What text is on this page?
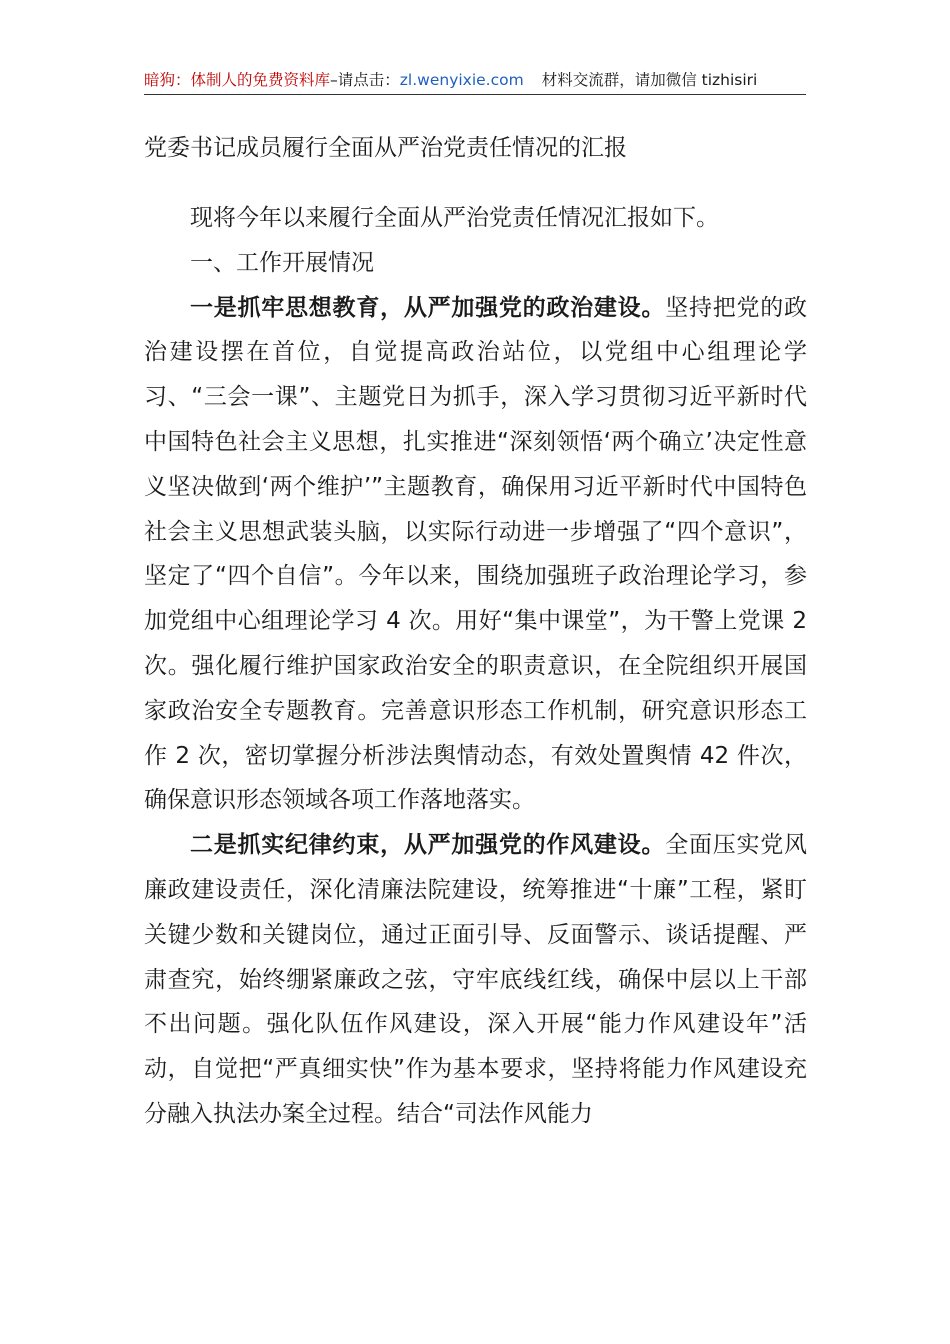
暗狗：体制人的免费资料库–请点击：zl.wenyixie.com 材料交流群，请加微信 tizhisiri
党委书记成员履行全面从严治党责任情况的汇报

现将今年以来履行全面从严治党责任情况汇报如下。

一、工作开展情况

一是抓牢思想教育，从严加强党的政治建设。坚持把党的政治建设摆在首位，自觉提高政治站位，以党组中心组理论学习、“三会一课”、主题党日为抓手，深入学习贯彻习近平新时代中国特色社会主义思想，扎实推进“深刻领悟‘两个确立’决定性意义坚决做到‘两个维护’”主题教育，确保用习近平新时代中国特色社会主义思想武装头脑，以实际行动进一步增强了“四个意识”，坚定了“四个自信”。今年以来，围绕加强班子政治理论学习，参加党组中心组理论学习 4 次。用好“集中课堂”，为干警上党课 2 次。强化履行维护国家政治安全的职责意识，在全院组织开展国家政治安全专题教育。完善意识形态工作机制，研究意识形态工作 2 次，密切掌握分析涉法舆情动态，有效处置舆情 42 件次，确保意识形态领域各项工作落地落实。

二是抓实纪律约束，从严加强党的作风建设。全面压实党风廉政建设责任，深化清廉法院建设，统筹推进“十廉”工程，紧盯关键少数和关键岗位，通过正面引导、反面警示、谈话提醒、严肃查究，始终绷紧廉政之弦，守牢底线红线，确保中层以上干部不出问题。强化队伍作风建设，深入开展“能力作风建设年”活动，自觉把“严真细实快”作为基本要求，坚持将能力作风建设充分融入执法办案全过程。结合“司法作风能力
